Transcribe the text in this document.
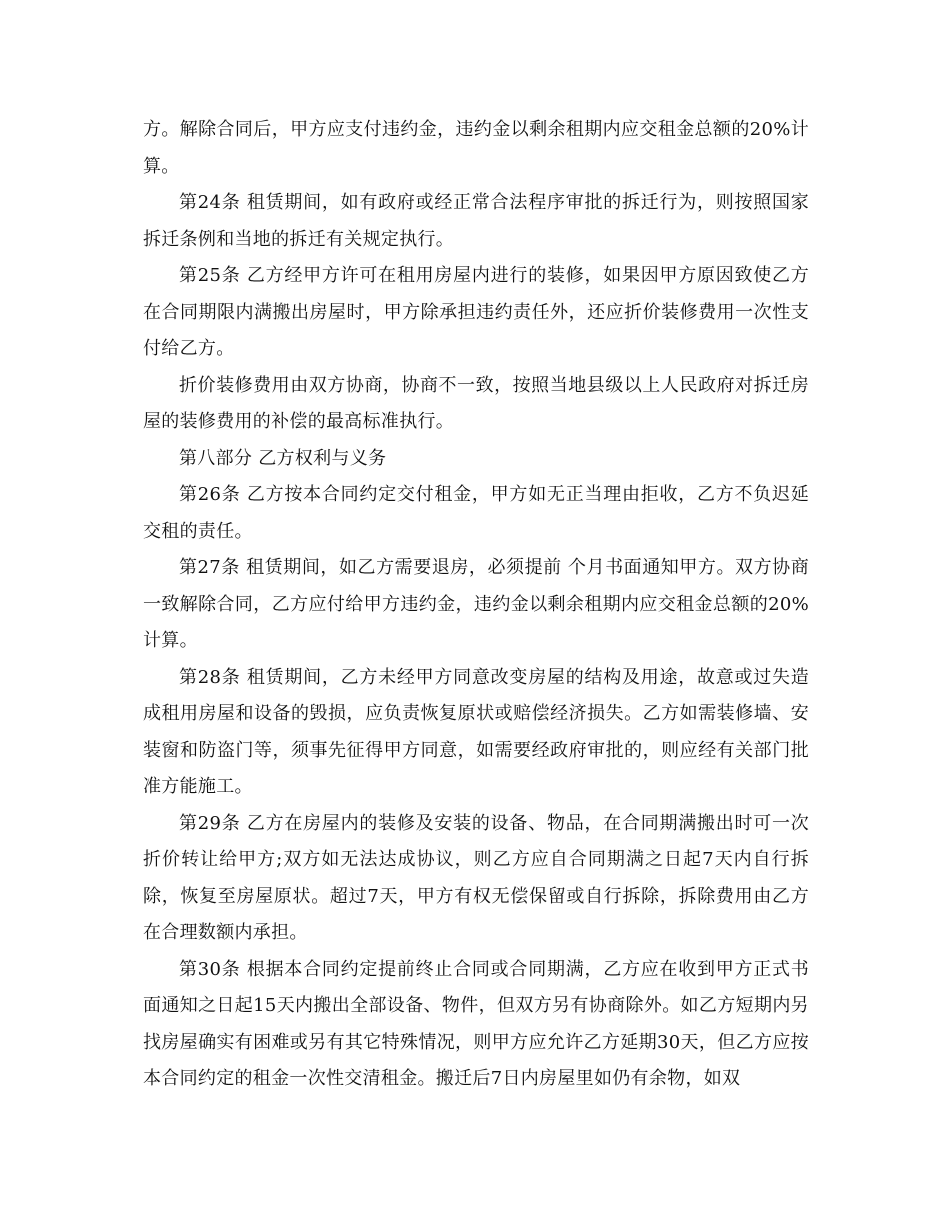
方。解除合同后，甲方应支付违约金，违约金以剩余租期内应交租金总额的20%计算。

第24条 租赁期间，如有政府或经正常合法程序审批的拆迁行为，则按照国家拆迁条例和当地的拆迁有关规定执行。

第25条 乙方经甲方许可在租用房屋内进行的装修，如果因甲方原因致使乙方在合同期限内满搬出房屋时，甲方除承担违约责任外，还应折价装修费用一次性支付给乙方。

折价装修费用由双方协商，协商不一致，按照当地县级以上人民政府对拆迁房屋的装修费用的补偿的最高标准执行。

第八部分 乙方权利与义务

第26条 乙方按本合同约定交付租金，甲方如无正当理由拒收，乙方不负迟延交租的责任。

第27条 租赁期间，如乙方需要退房，必须提前 个月书面通知甲方。双方协商一致解除合同，乙方应付给甲方违约金，违约金以剩余租期内应交租金总额的20%计算。

第28条 租赁期间，乙方未经甲方同意改变房屋的结构及用途，故意或过失造成租用房屋和设备的毁损，应负责恢复原状或赔偿经济损失。乙方如需装修墙、安装窗和防盗门等，须事先征得甲方同意，如需要经政府审批的，则应经有关部门批准方能施工。

第29条 乙方在房屋内的装修及安装的设备、物品，在合同期满搬出时可一次折价转让给甲方;双方如无法达成协议，则乙方应自合同期满之日起7天内自行拆除，恢复至房屋原状。超过7天，甲方有权无偿保留或自行拆除，拆除费用由乙方在合理数额内承担。

第30条 根据本合同约定提前终止合同或合同期满，乙方应在收到甲方正式书面通知之日起15天内搬出全部设备、物件，但双方另有协商除外。如乙方短期内另找房屋确实有困难或另有其它特殊情况，则甲方应允许乙方延期30天，但乙方应按本合同约定的租金一次性交清租金。搬迁后7日内房屋里如仍有余物，如双
